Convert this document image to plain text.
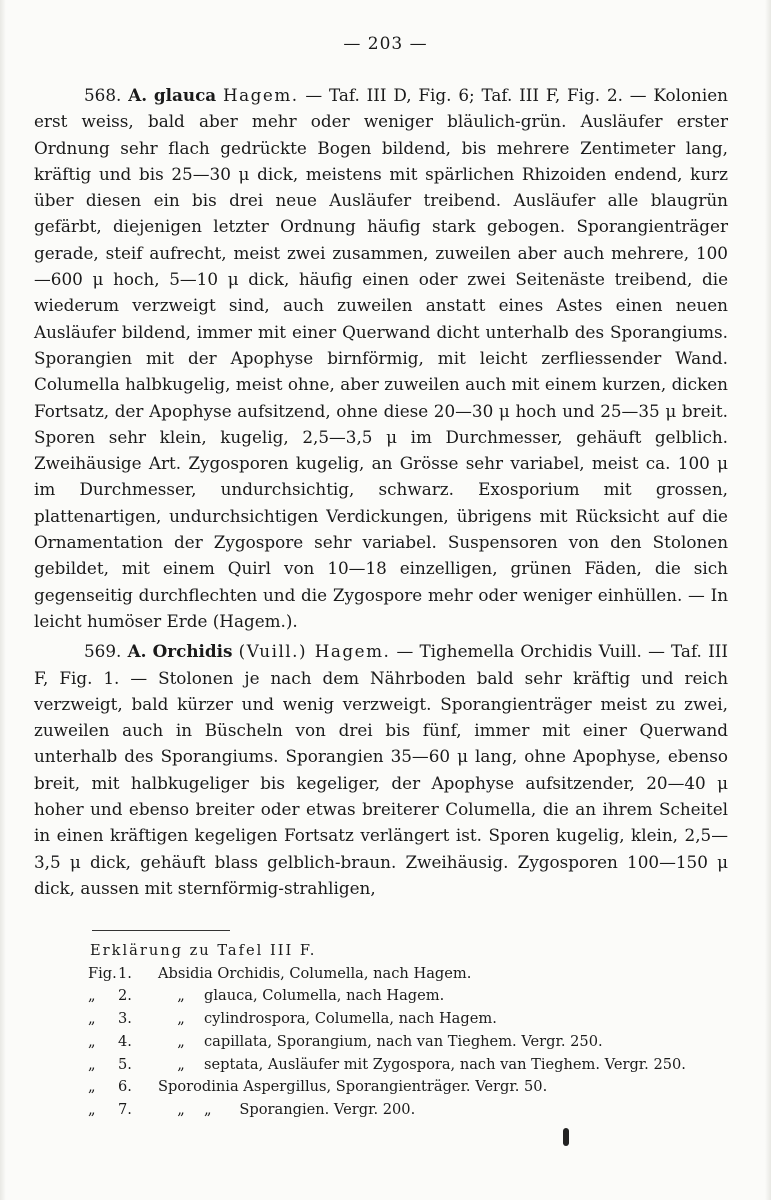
— 203 —

568. A. glauca Hagem. — Taf. III D, Fig. 6; Taf. III F, Fig. 2. — Kolonien erst weiss, bald aber mehr oder weniger bläulich-grün. Ausläufer erster Ordnung sehr flach gedrückte Bogen bildend, bis mehrere Zentimeter lang, kräftig und bis 25—30 μ dick, meistens mit spärlichen Rhizoiden endend, kurz über diesen ein bis drei neue Ausläufer treibend. Ausläufer alle blaugrün gefärbt, diejenigen letzter Ordnung häufig stark gebogen. Sporangienträger gerade, steif aufrecht, meist zwei zusammen, zuweilen aber auch mehrere, 100—600 μ hoch, 5—10 μ dick, häufig einen oder zwei Seitenäste treibend, die wiederum verzweigt sind, auch zuweilen anstatt eines Astes einen neuen Ausläufer bildend, immer mit einer Querwand dicht unterhalb des Sporangiums. Sporangien mit der Apophyse birnförmig, mit leicht zerfliessender Wand. Columella halbkugelig, meist ohne, aber zuweilen auch mit einem kurzen, dicken Fortsatz, der Apophyse aufsitzend, ohne diese 20—30 μ hoch und 25—35 μ breit. Sporen sehr klein, kugelig, 2,5—3,5 μ im Durchmesser, gehäuft gelblich. Zweihäusige Art. Zygosporen kugelig, an Grösse sehr variabel, meist ca. 100 μ im Durchmesser, undurchsichtig, schwarz. Exosporium mit grossen, plattenartigen, undurchsichtigen Verdickungen, übrigens mit Rücksicht auf die Ornamentation der Zygospore sehr variabel. Suspensoren von den Stolonen gebildet, mit einem Quirl von 10—18 einzelligen, grünen Fäden, die sich gegenseitig durchflechten und die Zygospore mehr oder weniger einhüllen. — In leicht humöser Erde (Hagem.).

569. A. Orchidis (Vuill.) Hagem. — Tighemella Orchidis Vuill. — Taf. III F, Fig. 1. — Stolonen je nach dem Nährboden bald sehr kräftig und reich verzweigt, bald kürzer und wenig verzweigt. Sporangienträger meist zu zwei, zuweilen auch in Büscheln von drei bis fünf, immer mit einer Querwand unterhalb des Sporangiums. Sporangien 35—60 μ lang, ohne Apophyse, ebenso breit, mit halbkugeliger bis kegeliger, der Apophyse aufsitzender, 20—40 μ hoher und ebenso breiter oder etwas breiterer Columella, die an ihrem Scheitel in einen kräftigen kegeligen Fortsatz verlängert ist. Sporen kugelig, klein, 2,5—3,5 μ dick, gehäuft blass gelblich-braun. Zweihäusig. Zygosporen 100—150 μ dick, aussen mit sternförmig-strahligen,

Erklärung zu Tafel III F.
Fig. 1.	Absidia Orchidis, Columella, nach Hagem.
„	2.	„	glauca, Columella, nach Hagem.
„	3.	„	cylindrospora, Columella, nach Hagem.
„	4.	„	capillata, Sporangium, nach van Tieghem. Vergr. 250.
„	5.	„	septata, Ausläufer mit Zygospora, nach van Tieghem. Vergr. 250.
„	6.	Sporodinia Aspergillus, Sporangienträger. Vergr. 50.
„	7.	„	„      Sporangien. Vergr. 200.
